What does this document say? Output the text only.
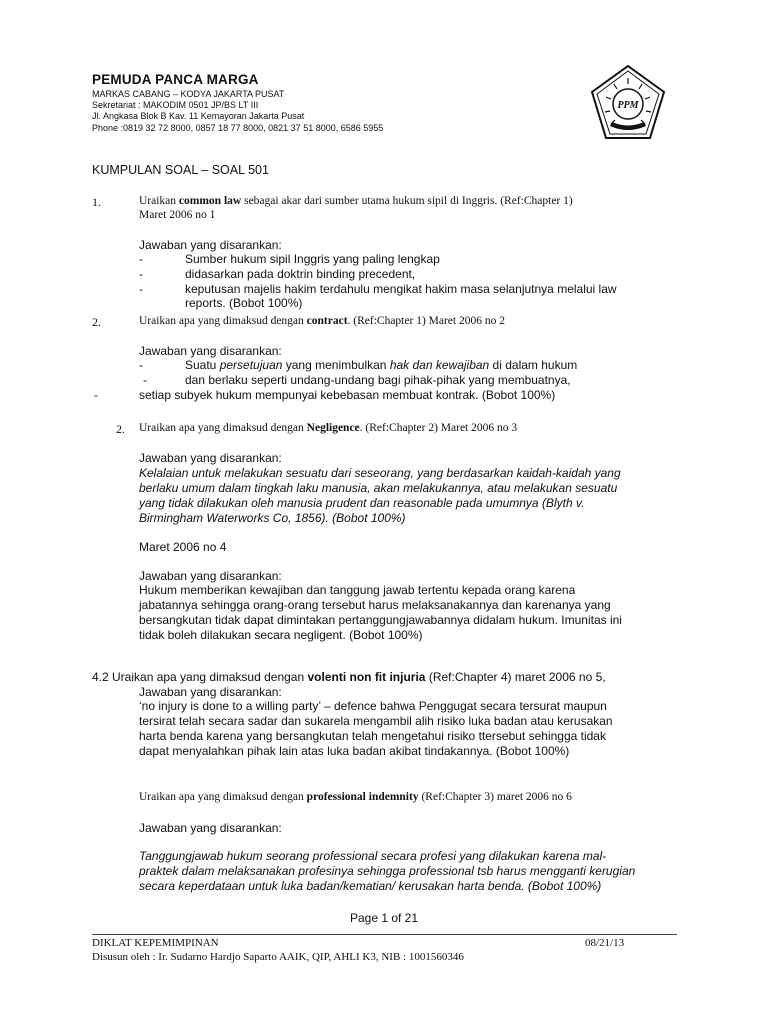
PEMUDA PANCA MARGA
MARKAS CABANG – KODYA JAKARTA PUSAT
Sekretariat : MAKODIM 0501 JP/BS LT III
Jl. Angkasa Blok B Kav. 11 Kemayoran Jakarta Pusat
Phone :0819 32 72 8000, 0857 18 77 8000, 0821 37 51 8000, 6586 5955
PPM
KUMPULAN SOAL – SOAL 501
1.	Uraikan common law sebagai akar dari sumber utama hukum sipil di Inggris. (Ref:Chapter 1)
Maret 2006 no 1
Jawaban yang disarankan:
-	Sumber hukum sipil Inggris yang paling lengkap
-	didasarkan pada doktrin binding precedent,
-	keputusan majelis hakim terdahulu mengikat hakim masa selanjutnya melalui law
reports. (Bobot 100%)
2.	Uraikan apa yang dimaksud dengan contract. (Ref:Chapter 1) Maret 2006 no 2
Jawaban yang disarankan:
-	Suatu persetujuan yang menimbulkan hak dan kewajiban di dalam hukum
-	dan berlaku seperti undang-undang bagi pihak-pihak yang membuatnya,
-	setiap subyek hukum mempunyai kebebasan membuat kontrak. (Bobot 100%)
2. Uraikan apa yang dimaksud dengan Negligence. (Ref:Chapter 2) Maret 2006 no 3
Jawaban yang disarankan:
Kelalaian untuk melakukan sesuatu dari seseorang, yang berdasarkan kaidah-kaidah yang
berlaku umum dalam tingkah laku manusia, akan melakukannya, atau melakukan sesuatu
yang tidak dilakukan oleh manusia prudent dan reasonable pada umumnya (Blyth v.
Birmingham Waterworks Co, 1856). (Bobot 100%)
Maret 2006 no 4
Jawaban yang disarankan:
Hukum memberikan kewajiban dan tanggung jawab tertentu kepada orang karena
jabatannya sehingga orang-orang tersebut harus melaksanakannya dan karenanya yang
bersangkutan tidak dapat dimintakan pertanggungjawabannya didalam hukum. Imunitas ini
tidak boleh dilakukan secara negligent. (Bobot 100%)
4.2 Uraikan apa yang dimaksud dengan volenti non fit injuria (Ref:Chapter 4) maret 2006 no 5,
Jawaban yang disarankan:
‘no injury is done to a willing party’ – defence bahwa Penggugat secara tersurat maupun
tersirat telah secara sadar dan sukarela mengambil alih risiko luka badan atau kerusakan
harta benda karena yang bersangkutan telah mengetahui risiko ttersebut sehingga tidak
dapat menyalahkan pihak lain atas luka badan akibat tindakannya. (Bobot 100%)
Uraikan apa yang dimaksud dengan professional indemnity (Ref:Chapter 3) maret 2006 no 6
Jawaban yang disarankan:
Tanggungjawab hukum seorang professional secara profesi yang dilakukan karena mal-
praktek dalam melaksanakan profesinya sehingga professional tsb harus mengganti kerugian
secara keperdataan untuk luka badan/kematian/ kerusakan harta benda. (Bobot 100%)
Page 1 of 21
DIKLAT KEPEMIMPINAN	08/21/13
Disusun oleh : Ir. Sudarno Hardjo Saparto AAIK, QIP, AHLI K3, NIB : 1001560346
